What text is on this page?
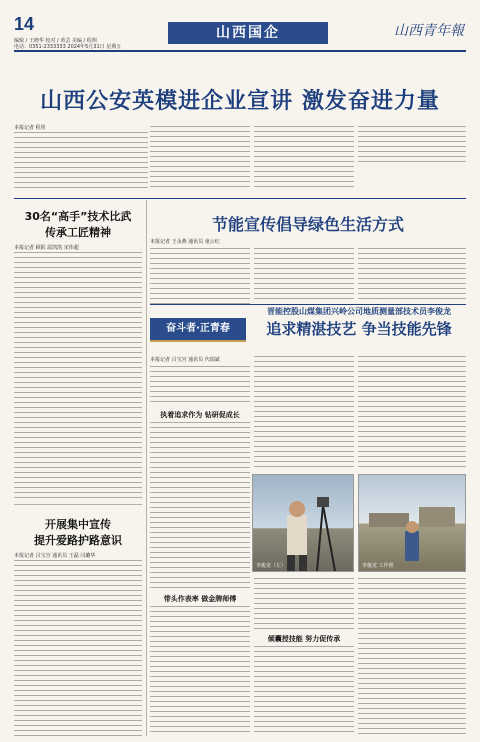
14
编辑 / 王晓华 校对 / 黄芸 美编 / 程翔
电话：0351-2333333 2024年5月31日 星期五
山西国企	山西青年報
山西公安英模进企业宣讲 激发奋进力量
本报记者 程彤
30名“高手”技术比武
传承工匠精神
本报记者 顾阳 温凯凯 宋伟超
开展集中宣传
提升爱路护路意识
本报记者 吕宝宫 通讯员 王磊 闫璐华
节能宣传倡导绿色生活方式
本报记者 王永燕 通讯员 童云红
奋斗者·正青春
晋能控股山煤集团兴岭公司地质测量部技术员李俊龙
追求精湛技艺 争当技能先锋
本报记者 吕宝宫 通讯员 代瑞斌
执着追求作为 钻研促成长
带头作表率 做金牌师傅
李俊龙（左）	李俊龙 工作照
倾囊授技能 努力促传承
